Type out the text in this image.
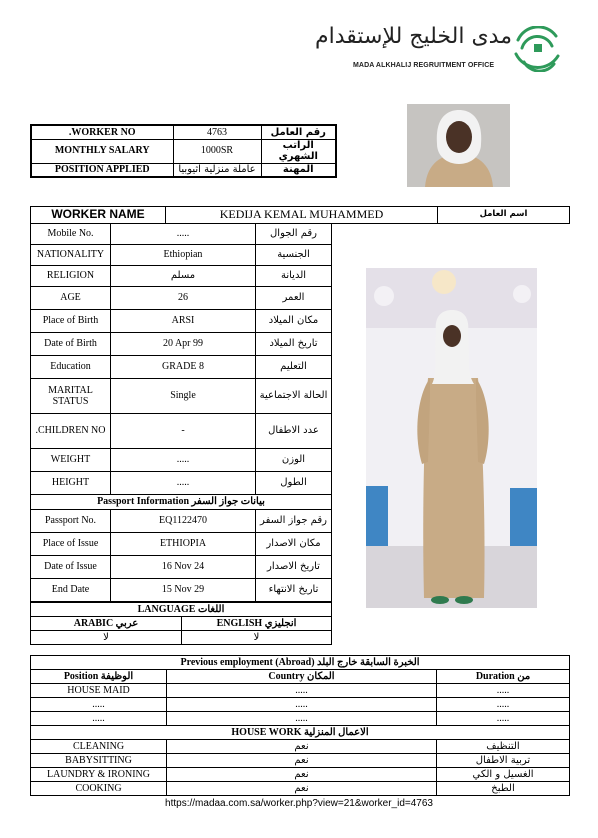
مدى الخليج للإستقدام
MADA ALKHALIJ REGRUITMENT OFFICE
.WORKER NO	4763	رقم العامل
MONTHLY SALARY	1000SR	الراتب الشهري
POSITION APPLIED	عاملة منزلية اثيوبيا	المهنة
WORKER NAME	KEDIJA KEMAL MUHAMMED	اسم العامل
Mobile No.	.....	رقم الجوال
NATIONALITY	Ethiopian	الجنسية
RELIGION	مسلم	الديانة
AGE	26	العمر
Place of Birth	ARSI	مكان الميلاد
Date of Birth	20 Apr 99	تاريخ الميلاد
Education	GRADE 8	التعليم
MARITAL STATUS	Single	الحالة الاجتماعية
.CHILDREN NO	-	عدد الاطفال
WEIGHT	.....	الوزن
HEIGHT	.....	الطول
Passport Information بيانات جواز السفر		
Passport No.	EQ1122470	رقم جواز السفر
Place of Issue	ETHIOPIA	مكان الاصدار
Date of Issue	16 Nov 24	تاريخ الاصدار
End Date	15 Nov 29	تاريخ الانتهاء
LANGUAGE اللغات	
ARABIC عربي	ENGLISH انجليزي
لا	لا
Previous employment (Abroad) الخبرة السابقة خارج البلد		
Position الوظيفة	Country المكان	Duration من
HOUSE MAID	.....	.....
.....	.....	.....
.....	.....	.....
HOUSE WORK الاعمال المنزلية		
CLEANING	نعم	التنظيف
BABYSITTING	نعم	تربية الاطفال
LAUNDRY & IRONING	نعم	الغسيل و الكي
COOKING	نعم	الطبخ
https://madaa.com.sa/worker.php?view=21&worker_id=4763
